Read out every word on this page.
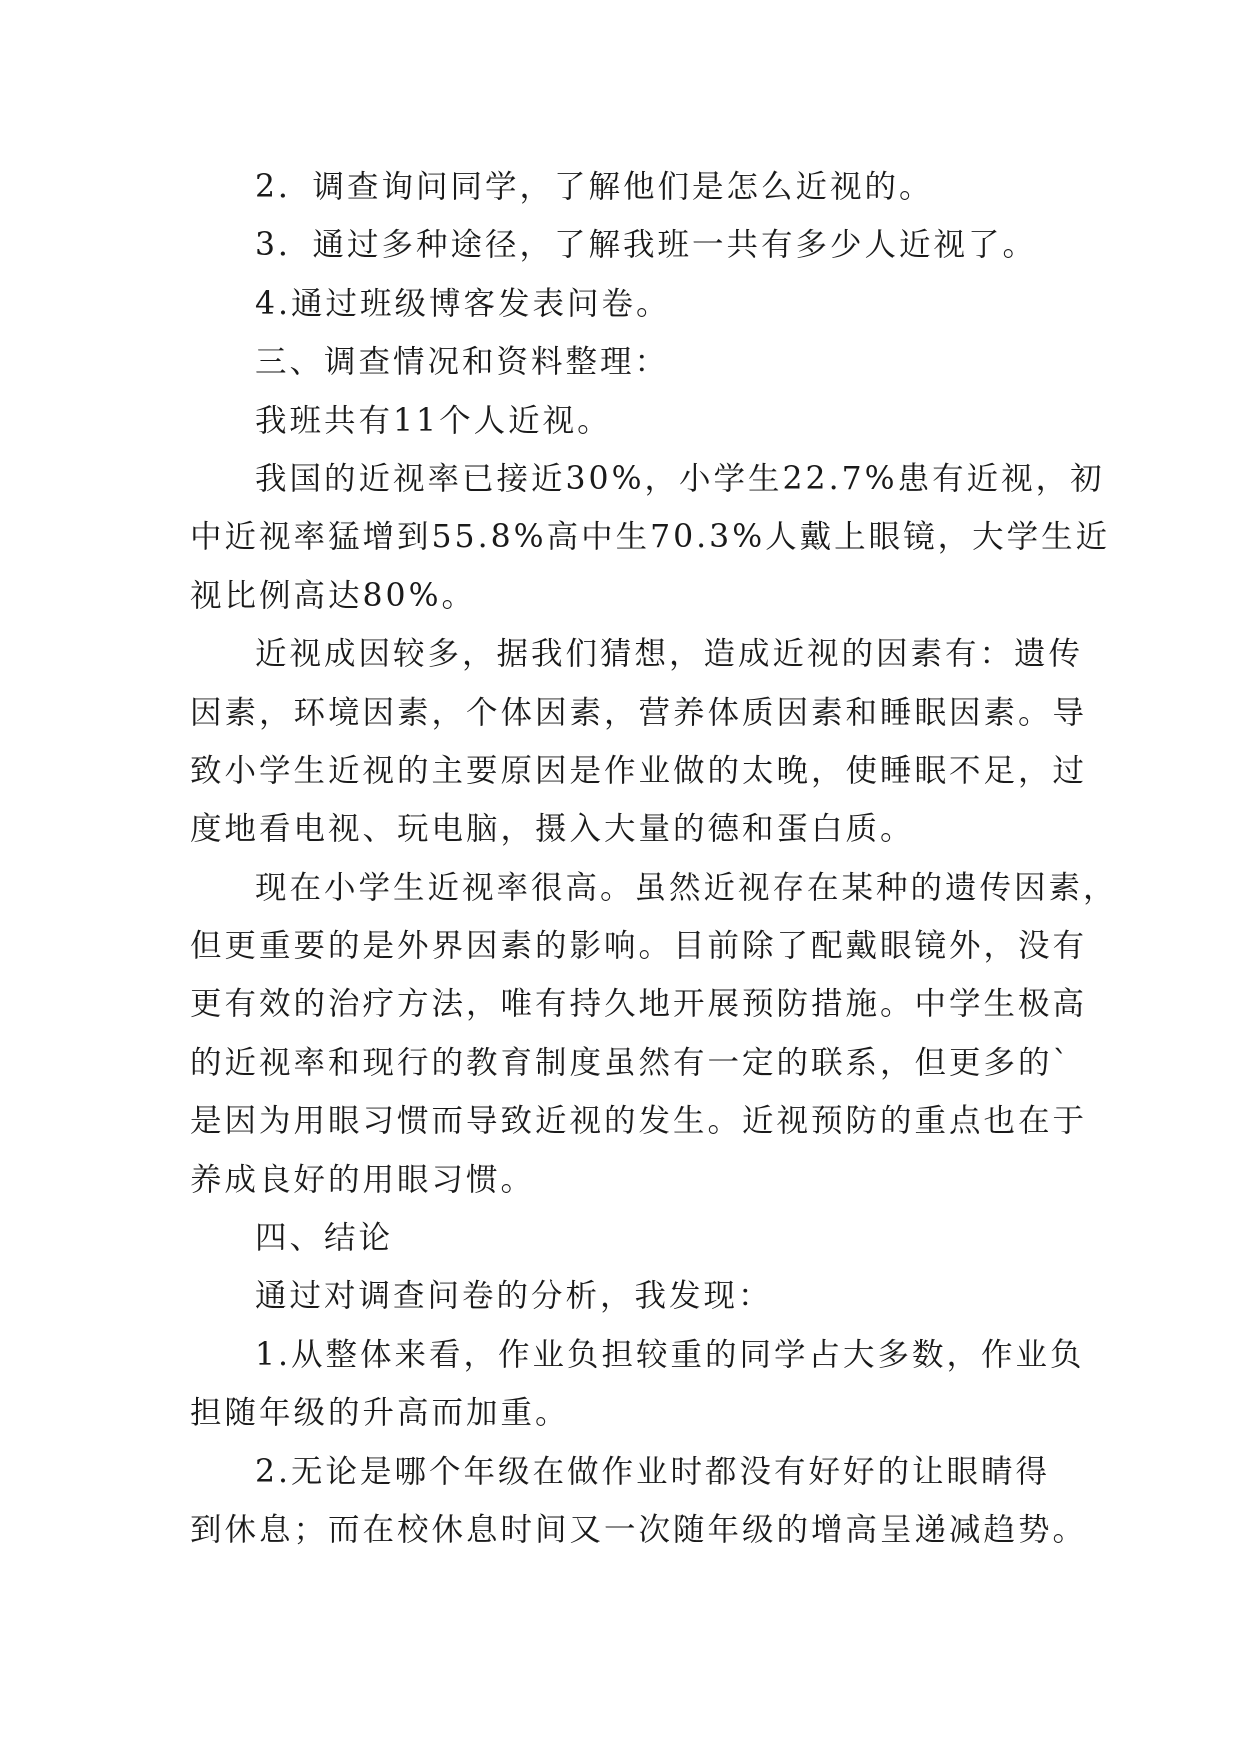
2．调查询问同学，了解他们是怎么近视的。
3．通过多种途径，了解我班一共有多少人近视了。
4.通过班级博客发表问卷。
三、调查情况和资料整理：
我班共有11个人近视。
我国的近视率已接近30%，小学生22.7%患有近视，初
中近视率猛增到55.8%高中生70.3%人戴上眼镜，大学生近
视比例高达80%。
近视成因较多，据我们猜想，造成近视的因素有：遗传
因素，环境因素，个体因素，营养体质因素和睡眠因素。导
致小学生近视的主要原因是作业做的太晚，使睡眠不足，过
度地看电视、玩电脑，摄入大量的德和蛋白质。
现在小学生近视率很高。虽然近视存在某种的遗传因素，
但更重要的是外界因素的影响。目前除了配戴眼镜外，没有
更有效的治疗方法，唯有持久地开展预防措施。中学生极高
的近视率和现行的教育制度虽然有一定的联系，但更多的`
是因为用眼习惯而导致近视的发生。近视预防的重点也在于
养成良好的用眼习惯。
四、结论
通过对调查问卷的分析，我发现：
1.从整体来看，作业负担较重的同学占大多数，作业负
担随年级的升高而加重。
2.无论是哪个年级在做作业时都没有好好的让眼睛得
到休息；而在校休息时间又一次随年级的增高呈递减趋势。
